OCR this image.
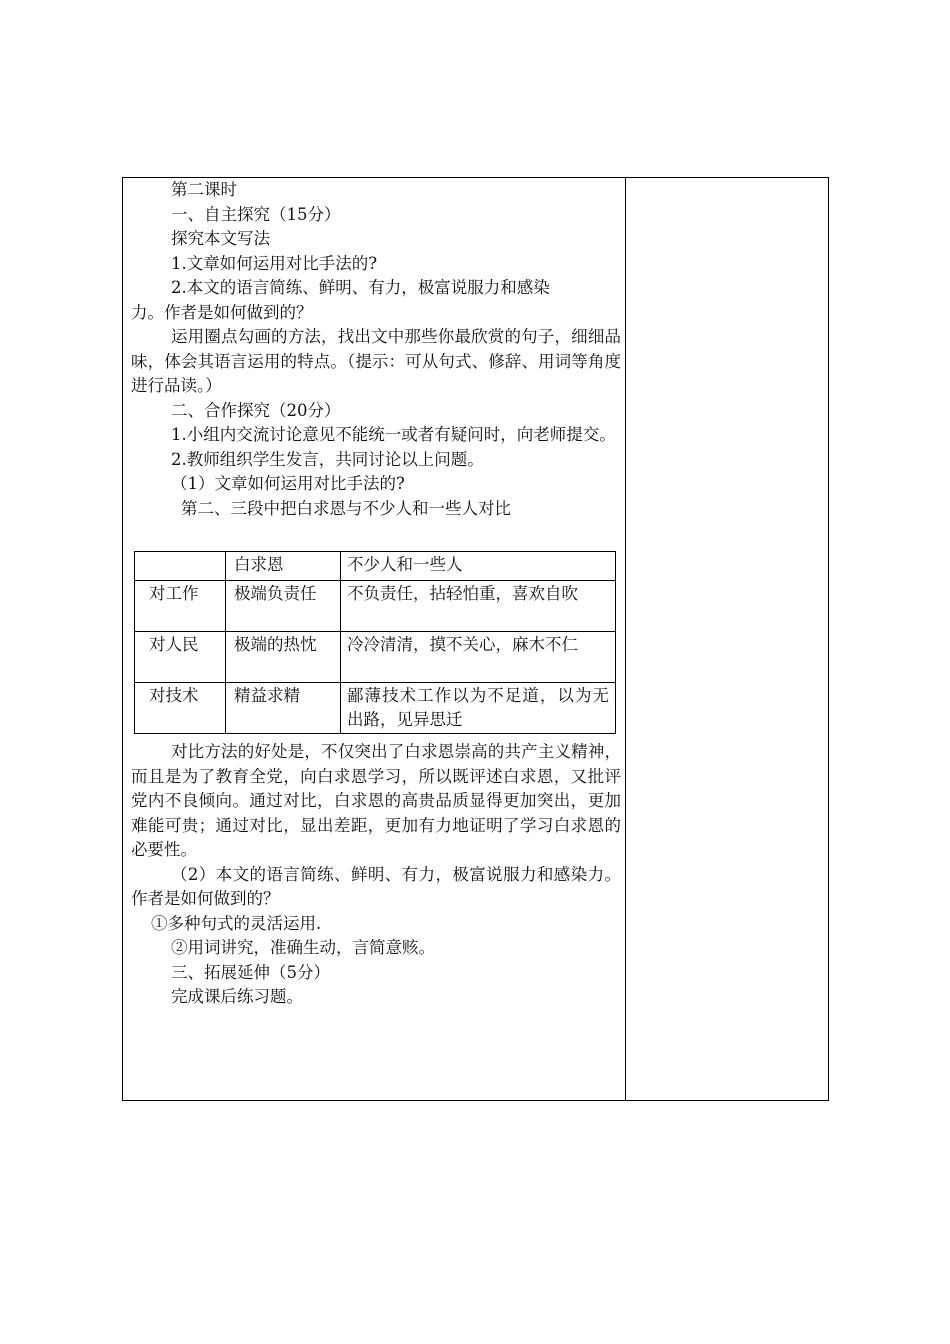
第二课时
一、自主探究（15分）
探究本文写法
1.文章如何运用对比手法的?
2.本文的语言简练、鲜明、有力，极富说服力和感染
力。作者是如何做到的？
运用圈点勾画的方法，找出文中那些你最欣赏的句子，细细品味，体会其语言运用的特点。（提示：可从句式、修辞、用词等角度进行品读。）
二、合作探究（20分）
1.小组内交流讨论意见不能统一或者有疑问时，向老师提交。
2.教师组织学生发言，共同讨论以上问题。
（1）文章如何运用对比手法的?
第二、三段中把白求恩与不少人和一些人对比
	白求恩	不少人和一些人
对工作	极端负责任	不负责任，拈轻怕重，喜欢自吹
对人民	极端的热忱	冷冷清清，摸不关心，麻木不仁
对技术	精益求精	鄙薄技术工作以为不足道，以为无出路，见异思迁
对比方法的好处是，不仅突出了白求恩崇高的共产主义精神，而且是为了教育全党，向白求恩学习，所以既评述白求恩，又批评党内不良倾向。通过对比，白求恩的高贵品质显得更加突出，更加难能可贵；通过对比，显出差距，更加有力地证明了学习白求恩的必要性。
（2）本文的语言简练、鲜明、有力，极富说服力和感染力。作者是如何做到的？
①多种句式的灵活运用.
②用词讲究，准确生动，言简意赅。
三、拓展延伸（5分）
完成课后练习题。
